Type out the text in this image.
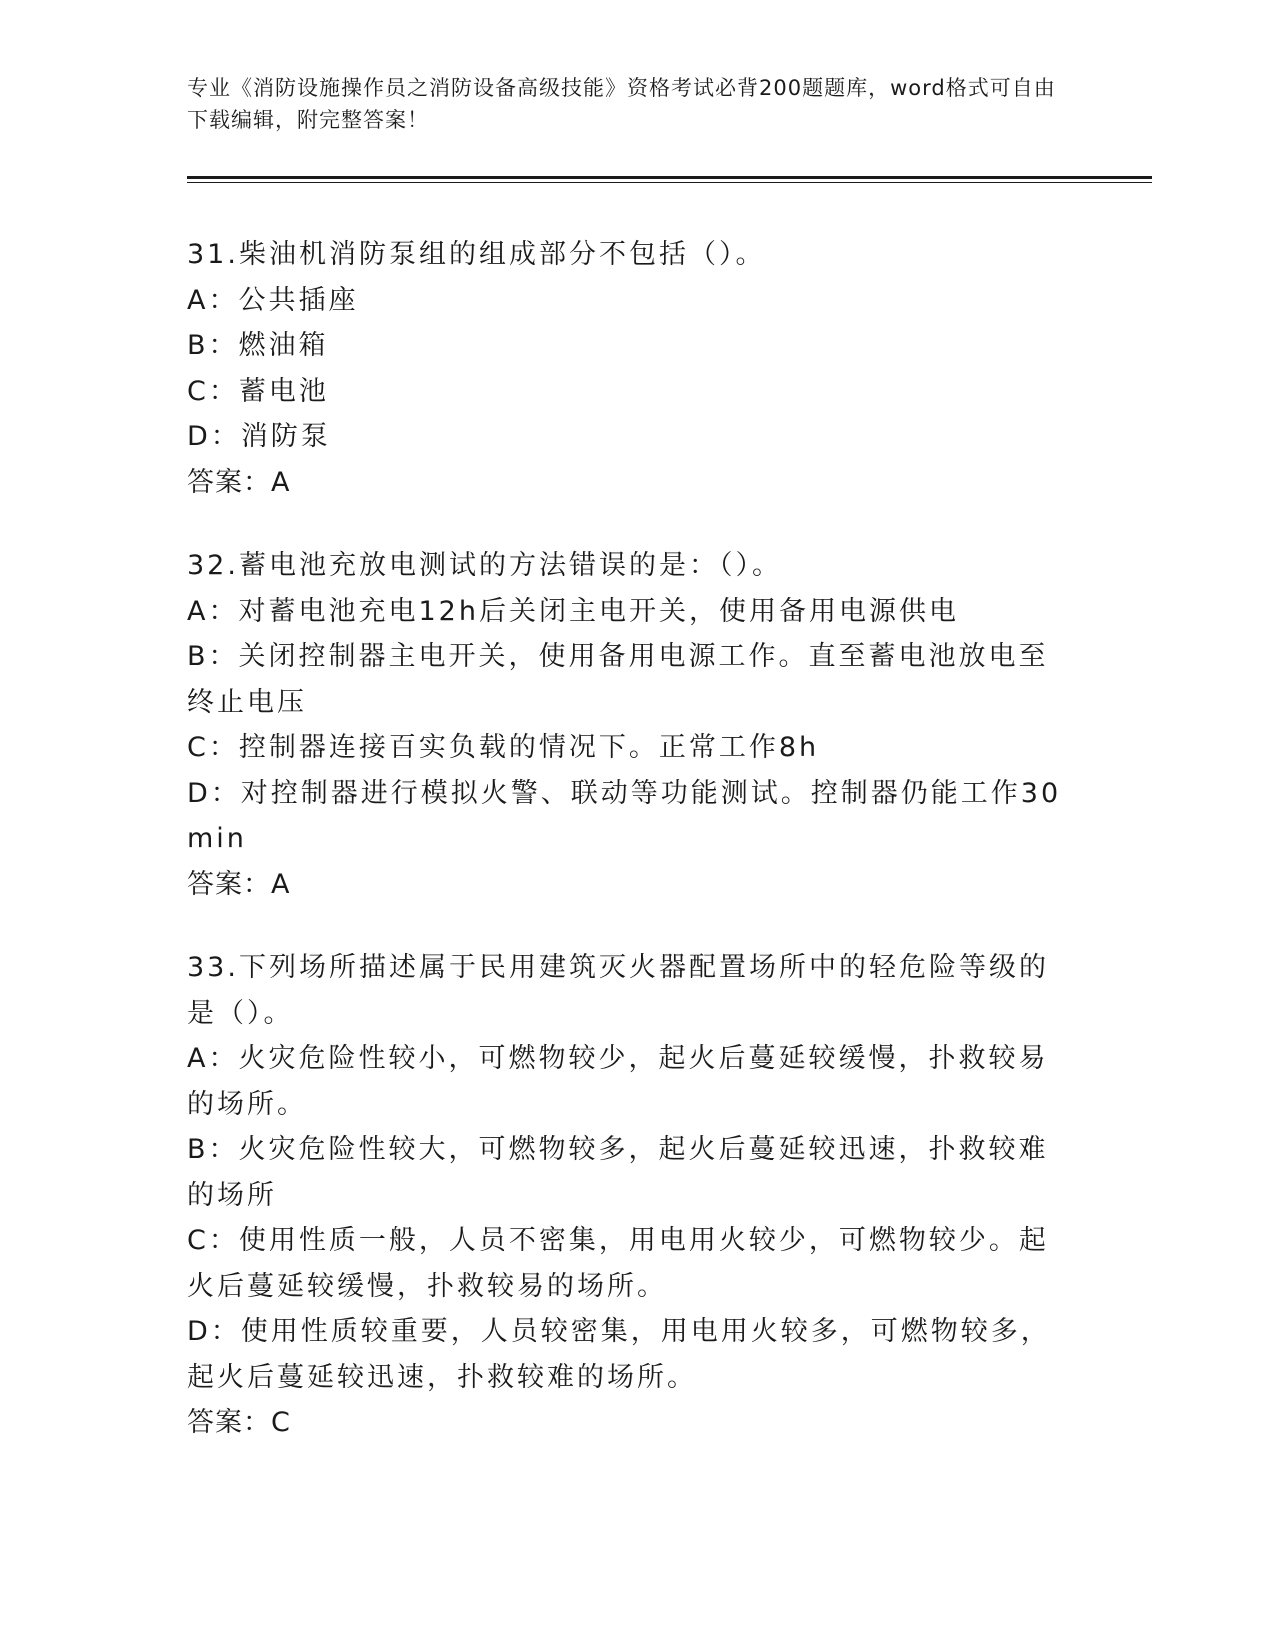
专业《消防设施操作员之消防设备高级技能》资格考试必背200题题库，word格式可自由下载编辑，附完整答案！
31.柴油机消防泵组的组成部分不包括（）。
A：公共插座
B：燃油箱
C：蓄电池
D：消防泵
答案：A
32.蓄电池充放电测试的方法错误的是：（）。
A：对蓄电池充电12h后关闭主电开关，使用备用电源供电
B：关闭控制器主电开关，使用备用电源工作。直至蓄电池放电至终止电压
C：控制器连接百实负载的情况下。正常工作8h
D：对控制器进行模拟火警、联动等功能测试。控制器仍能工作30min
答案：A
33.下列场所描述属于民用建筑灭火器配置场所中的轻危险等级的是（）。
A：火灾危险性较小，可燃物较少，起火后蔓延较缓慢，扑救较易的场所。
B：火灾危险性较大，可燃物较多，起火后蔓延较迅速，扑救较难的场所
C：使用性质一般，人员不密集，用电用火较少，可燃物较少。起火后蔓延较缓慢，扑救较易的场所。
D：使用性质较重要，人员较密集，用电用火较多，可燃物较多，起火后蔓延较迅速，扑救较难的场所。
答案：C
